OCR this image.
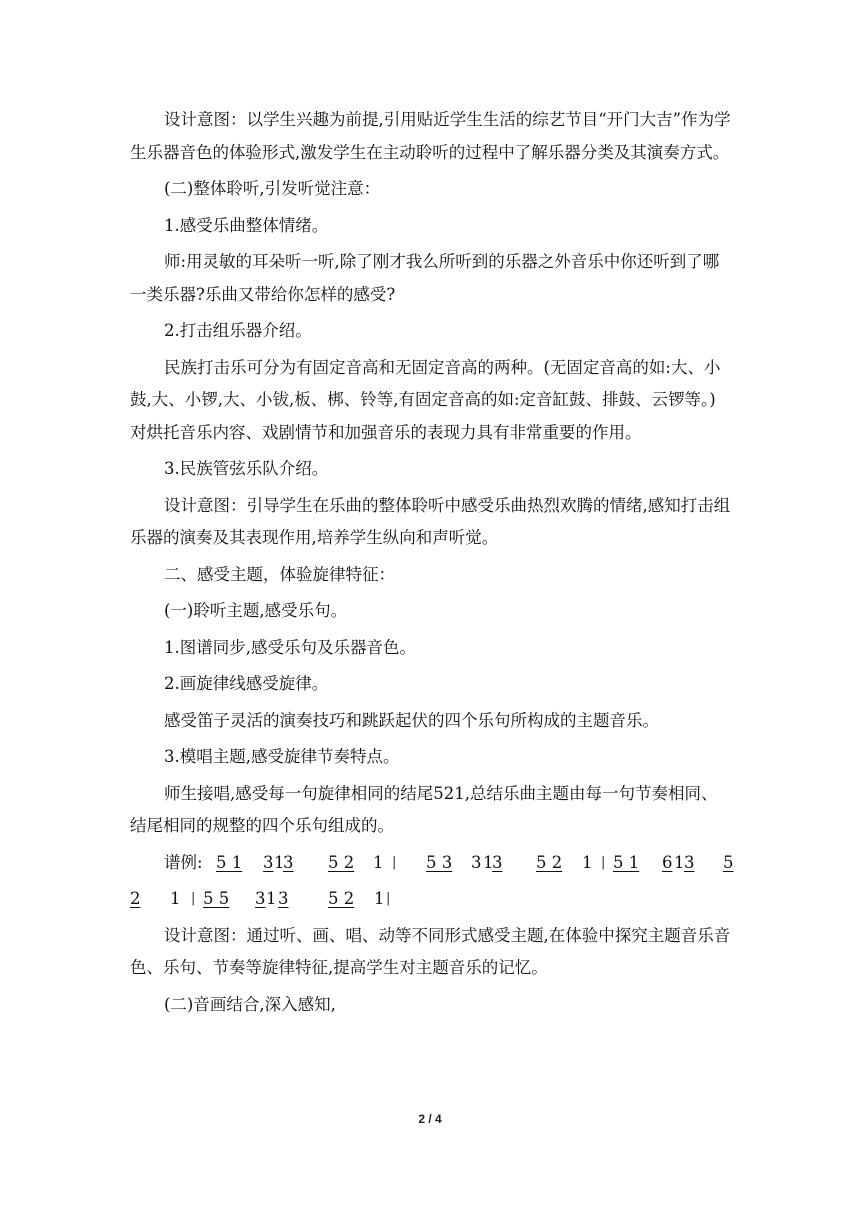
设计意图：以学生兴趣为前提,引用贴近学生生活的综艺节目“开门大吉”作为学生乐器音色的体验形式,激发学生在主动聆听的过程中了解乐器分类及其演奏方式。

(二)整体聆听,引发听觉注意：

1.感受乐曲整体情绪。

师:用灵敏的耳朵听一听,除了刚才我么所听到的乐器之外音乐中你还听到了哪一类乐器?乐曲又带给你怎样的感受?

2.打击组乐器介绍。

民族打击乐可分为有固定音高和无固定音高的两种。(无固定音高的如:大、小鼓,大、小锣,大、小钹,板、梆、铃等,有固定音高的如:定音缸鼓、排鼓、云锣等。)对烘托音乐内容、戏剧情节和加强音乐的表现力具有非常重要的作用。

3.民族管弦乐队介绍。

设计意图：引导学生在乐曲的整体聆听中感受乐曲热烈欢腾的情绪,感知打击组乐器的演奏及其表现作用,培养学生纵向和声听觉。

二、感受主题，体验旋律特征：

(一)聆听主题,感受乐句。

1.图谱同步,感受乐句及乐器音色。

2.画旋律线感受旋律。

感受笛子灵活的演奏技巧和跳跃起伏的四个乐句所构成的主题音乐。

3.模唱主题,感受旋律节奏特点。

师生接唱,感受每一句旋律相同的结尾521,总结乐曲主题由每一句节奏相同、结尾相同的规整的四个乐句组成的。

谱例:

5 1 3 1
3 5 2 1 | 5 3 3 1
3 5 2 1 | 5 1 6 1 3 5
2 1 | 5 5 3 1 3 5 2 1 |

设计意图：通过听、画、唱、动等不同形式感受主题,在体验中探究主题音乐音色、乐句、节奏等旋律特征,提高学生对主题音乐的记忆。

(二)音画结合,深入感知,

2 / 4
